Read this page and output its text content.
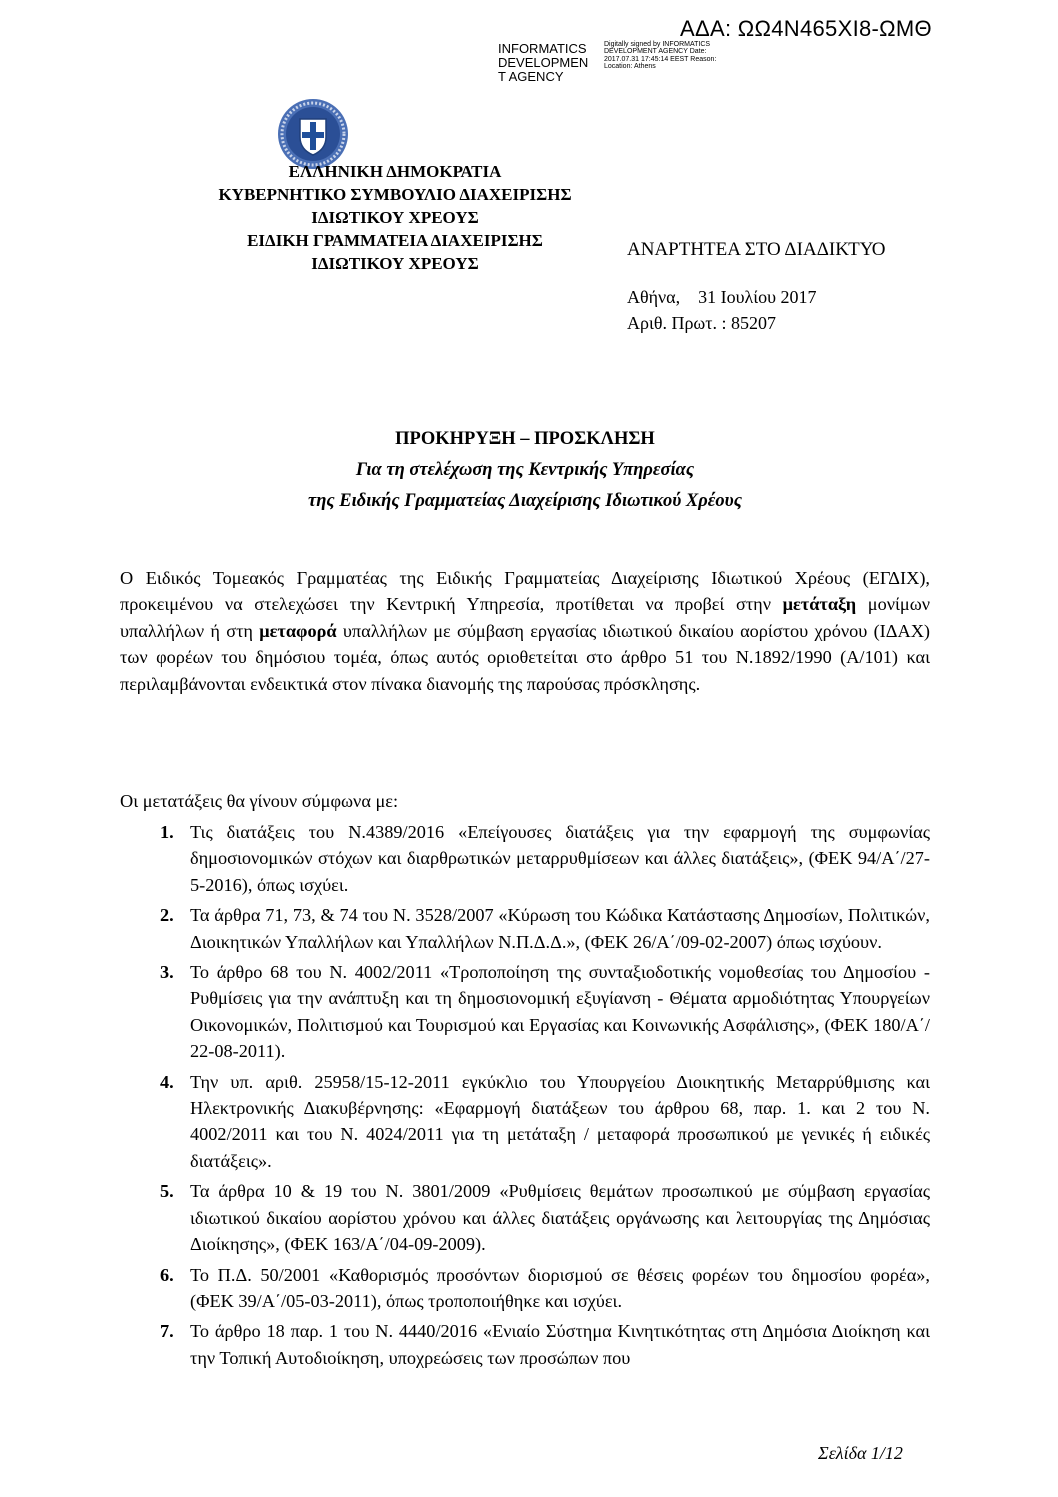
ΑΔΑ: ΩΩ4Ν465ΧΙ8-ΩΜΘ
INFORMATICS DEVELOPMEN T AGENCY
Digitally signed by INFORMATICS DEVELOPMENT AGENCY Date: 2017.07.31 17:45:14 EEST Reason: Location: Athens
ΕΛΛΗΝΙΚΗ ΔΗΜΟΚΡΑΤΙΑ
ΚΥΒΕΡΝΗΤΙΚΟ ΣΥΜΒΟΥΛΙΟ ΔΙΑΧΕΙΡΙΣΗΣ
ΙΔΙΩΤΙΚΟΥ ΧΡΕΟΥΣ
ΕΙΔΙΚΗ ΓΡΑΜΜΑΤΕΙΑ ΔΙΑΧΕΙΡΙΣΗΣ
ΙΔΙΩΤΙΚΟΥ ΧΡΕΟΥΣ
ΑΝΑΡΤΗΤΕΑ ΣΤΟ ΔΙΑΔΙΚΤΥΟ
Αθήνα, 31 Ιουλίου 2017
Αριθ. Πρωτ. : 85207
ΠΡΟΚΗΡΥΞΗ – ΠΡΟΣΚΛΗΣΗ
Για τη στελέχωση της Κεντρικής Υπηρεσίας
της Ειδικής Γραμματείας Διαχείρισης Ιδιωτικού Χρέους
Ο Ειδικός Τομεακός Γραμματέας της Ειδικής Γραμματείας Διαχείρισης Ιδιωτικού Χρέους (ΕΓΔΙΧ), προκειμένου να στελεχώσει την Κεντρική Υπηρεσία, προτίθεται να προβεί στην μετάταξη μονίμων υπαλλήλων ή στη μεταφορά υπαλλήλων με σύμβαση εργασίας ιδιωτικού δικαίου αορίστου χρόνου (ΙΔΑΧ) των φορέων του δημόσιου τομέα, όπως αυτός οριοθετείται στο άρθρο 51 του Ν.1892/1990 (Α/101) και περιλαμβάνονται ενδεικτικά στον πίνακα διανομής της παρούσας πρόσκλησης.
Οι μετατάξεις θα γίνουν σύμφωνα με:
1. Τις διατάξεις του Ν.4389/2016 «Επείγουσες διατάξεις για την εφαρμογή της συμφωνίας δημοσιονομικών στόχων και διαρθρωτικών μεταρρυθμίσεων και άλλες διατάξεις», (ΦΕΚ 94/Α΄/27-5-2016), όπως ισχύει.
2. Τα άρθρα 71, 73, & 74 του Ν. 3528/2007 «Κύρωση του Κώδικα Κατάστασης Δημοσίων, Πολιτικών, Διοικητικών Υπαλλήλων και Υπαλλήλων Ν.Π.Δ.Δ.», (ΦΕΚ 26/Α΄/09-02-2007) όπως ισχύουν.
3. Το άρθρο 68 του Ν. 4002/2011 «Τροποποίηση της συνταξιοδοτικής νομοθεσίας του Δημοσίου - Ρυθμίσεις για την ανάπτυξη και τη δημοσιονομική εξυγίανση - Θέματα αρμοδιότητας Υπουργείων Οικονομικών, Πολιτισμού και Τουρισμού και Εργασίας και Κοινωνικής Ασφάλισης», (ΦΕΚ 180/Α΄/ 22-08-2011).
4. Την υπ. αριθ. 25958/15-12-2011 εγκύκλιο του Υπουργείου Διοικητικής Μεταρρύθμισης και Ηλεκτρονικής Διακυβέρνησης: «Εφαρμογή διατάξεων του άρθρου 68, παρ. 1. και 2 του Ν. 4002/2011 και του Ν. 4024/2011 για τη μετάταξη / μεταφορά προσωπικού με γενικές ή ειδικές διατάξεις».
5. Τα άρθρα 10 & 19 του Ν. 3801/2009 «Ρυθμίσεις θεμάτων προσωπικού με σύμβαση εργασίας ιδιωτικού δικαίου αορίστου χρόνου και άλλες διατάξεις οργάνωσης και λειτουργίας της Δημόσιας Διοίκησης», (ΦΕΚ 163/Α΄/04-09-2009).
6. Το Π.Δ. 50/2001 «Καθορισμός προσόντων διορισμού σε θέσεις φορέων του δημοσίου φορέα», (ΦΕΚ 39/Α΄/05-03-2011), όπως τροποποιήθηκε και ισχύει.
7. Το άρθρο 18 παρ. 1 του Ν. 4440/2016 «Ενιαίο Σύστημα Κινητικότητας στη Δημόσια Διοίκηση και την Τοπική Αυτοδιοίκηση, υποχρεώσεις των προσώπων που
Σελίδα 1/12
